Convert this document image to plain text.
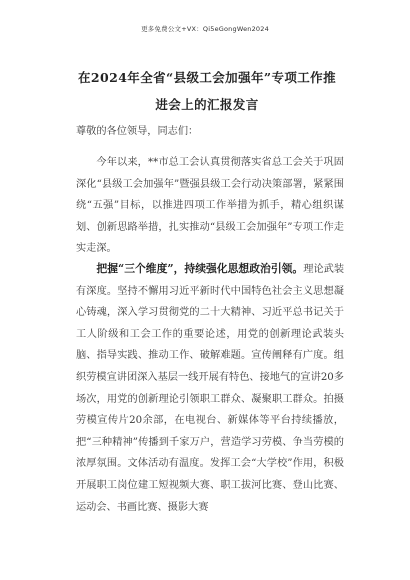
更多免费公文+VX：Qi5eGongWen2024
在2024年全省“县级工会加强年”专项工作推进会上的汇报发言
尊敬的各位领导，同志们：
今年以来，**市总工会认真贯彻落实省总工会关于巩固深化“县级工会加强年”暨强县级工会行动决策部署，紧紧围绕“五强”目标，以推进四项工作举措为抓手，精心组织谋划、创新思路举措，扎实推动“县级工会加强年”专项工作走实走深。
把握“三个维度”，持续强化思想政治引领。理论武装有深度。坚持不懈用习近平新时代中国特色社会主义思想凝心铸魂，深入学习贯彻党的二十大精神、习近平总书记关于工人阶级和工会工作的重要论述，用党的创新理论武装头脑、指导实践、推动工作、破解难题。宣传阐释有广度。组织劳模宣讲团深入基层一线开展有特色、接地气的宣讲20多场次，用党的创新理论引领职工群众、凝聚职工群众。拍摄劳模宣传片20余部，在电视台、新媒体等平台持续播放，把“三种精神”传播到千家万户，营造学习劳模、争当劳模的浓厚氛围。文体活动有温度。发挥工会“大学校”作用，积极开展职工岗位建工短视频大赛、职工拔河比赛、登山比赛、运动会、书画比赛、摄影大赛
